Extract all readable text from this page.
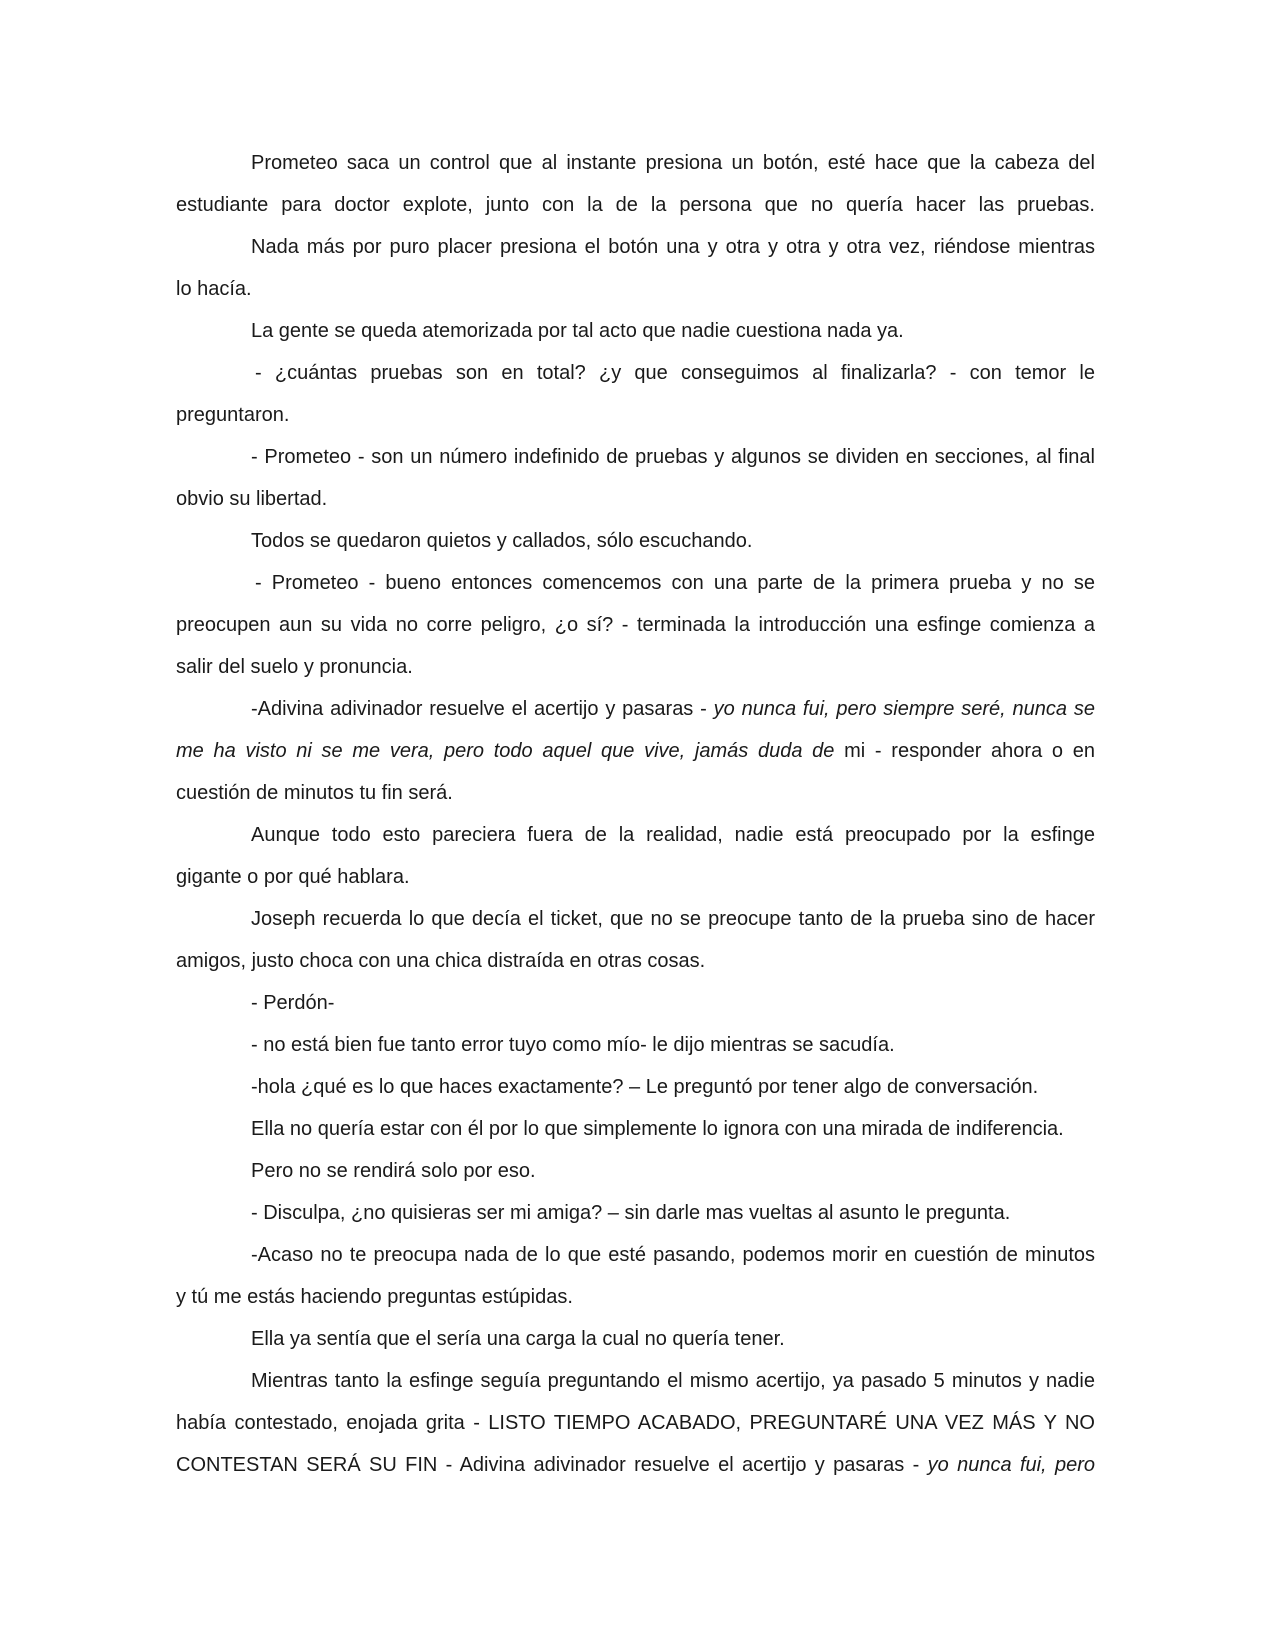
Prometeo saca un control que al instante presiona un botón, esté hace que la cabeza del
estudiante para doctor explote, junto con la de la persona que no quería hacer las pruebas.
Nada más por puro placer presiona el botón una y otra y otra y otra vez, riéndose mientras
lo hacía.
La gente se queda atemorizada por tal acto que nadie cuestiona nada ya.
- ¿cuántas pruebas son en total? ¿y que conseguimos al finalizarla? - con temor le
preguntaron.
- Prometeo - son un número indefinido de pruebas y algunos se dividen en secciones, al final
obvio su libertad.
Todos se quedaron quietos y callados, sólo escuchando.
- Prometeo - bueno entonces comencemos con una parte de la primera prueba y no se
preocupen aun su vida no corre peligro, ¿o sí? - terminada la introducción una esfinge comienza a
salir del suelo y pronuncia.
-Adivina adivinador resuelve el acertijo y pasaras - yo nunca fui, pero siempre seré, nunca se
me ha visto ni se me vera, pero todo aquel que vive, jamás duda de mi - responder ahora o en
cuestión de minutos tu fin será.
Aunque todo esto pareciera fuera de la realidad, nadie está preocupado por la esfinge
gigante o por qué hablara.
Joseph recuerda lo que decía el ticket, que no se preocupe tanto de la prueba sino de hacer
amigos, justo choca con una chica distraída en otras cosas.
- Perdón-
- no está bien fue tanto error tuyo como mío- le dijo mientras se sacudía.
-hola ¿qué es lo que haces exactamente? – Le preguntó por tener algo de conversación.
Ella no quería estar con él por lo que simplemente lo ignora con una mirada de indiferencia.
Pero no se rendirá solo por eso.
- Disculpa, ¿no quisieras ser mi amiga? – sin darle mas vueltas al asunto le pregunta.
-Acaso no te preocupa nada de lo que esté pasando, podemos morir en cuestión de minutos
y tú me estás haciendo preguntas estúpidas.
Ella ya sentía que el sería una carga la cual no quería tener.
Mientras tanto la esfinge seguía preguntando el mismo acertijo, ya pasado 5 minutos y nadie
había contestado, enojada grita - LISTO TIEMPO ACABADO, PREGUNTARÉ UNA VEZ MÁS Y NO
CONTESTAN SERÁ SU FIN - Adivina adivinador resuelve el acertijo y pasaras - yo nunca fui, pero
